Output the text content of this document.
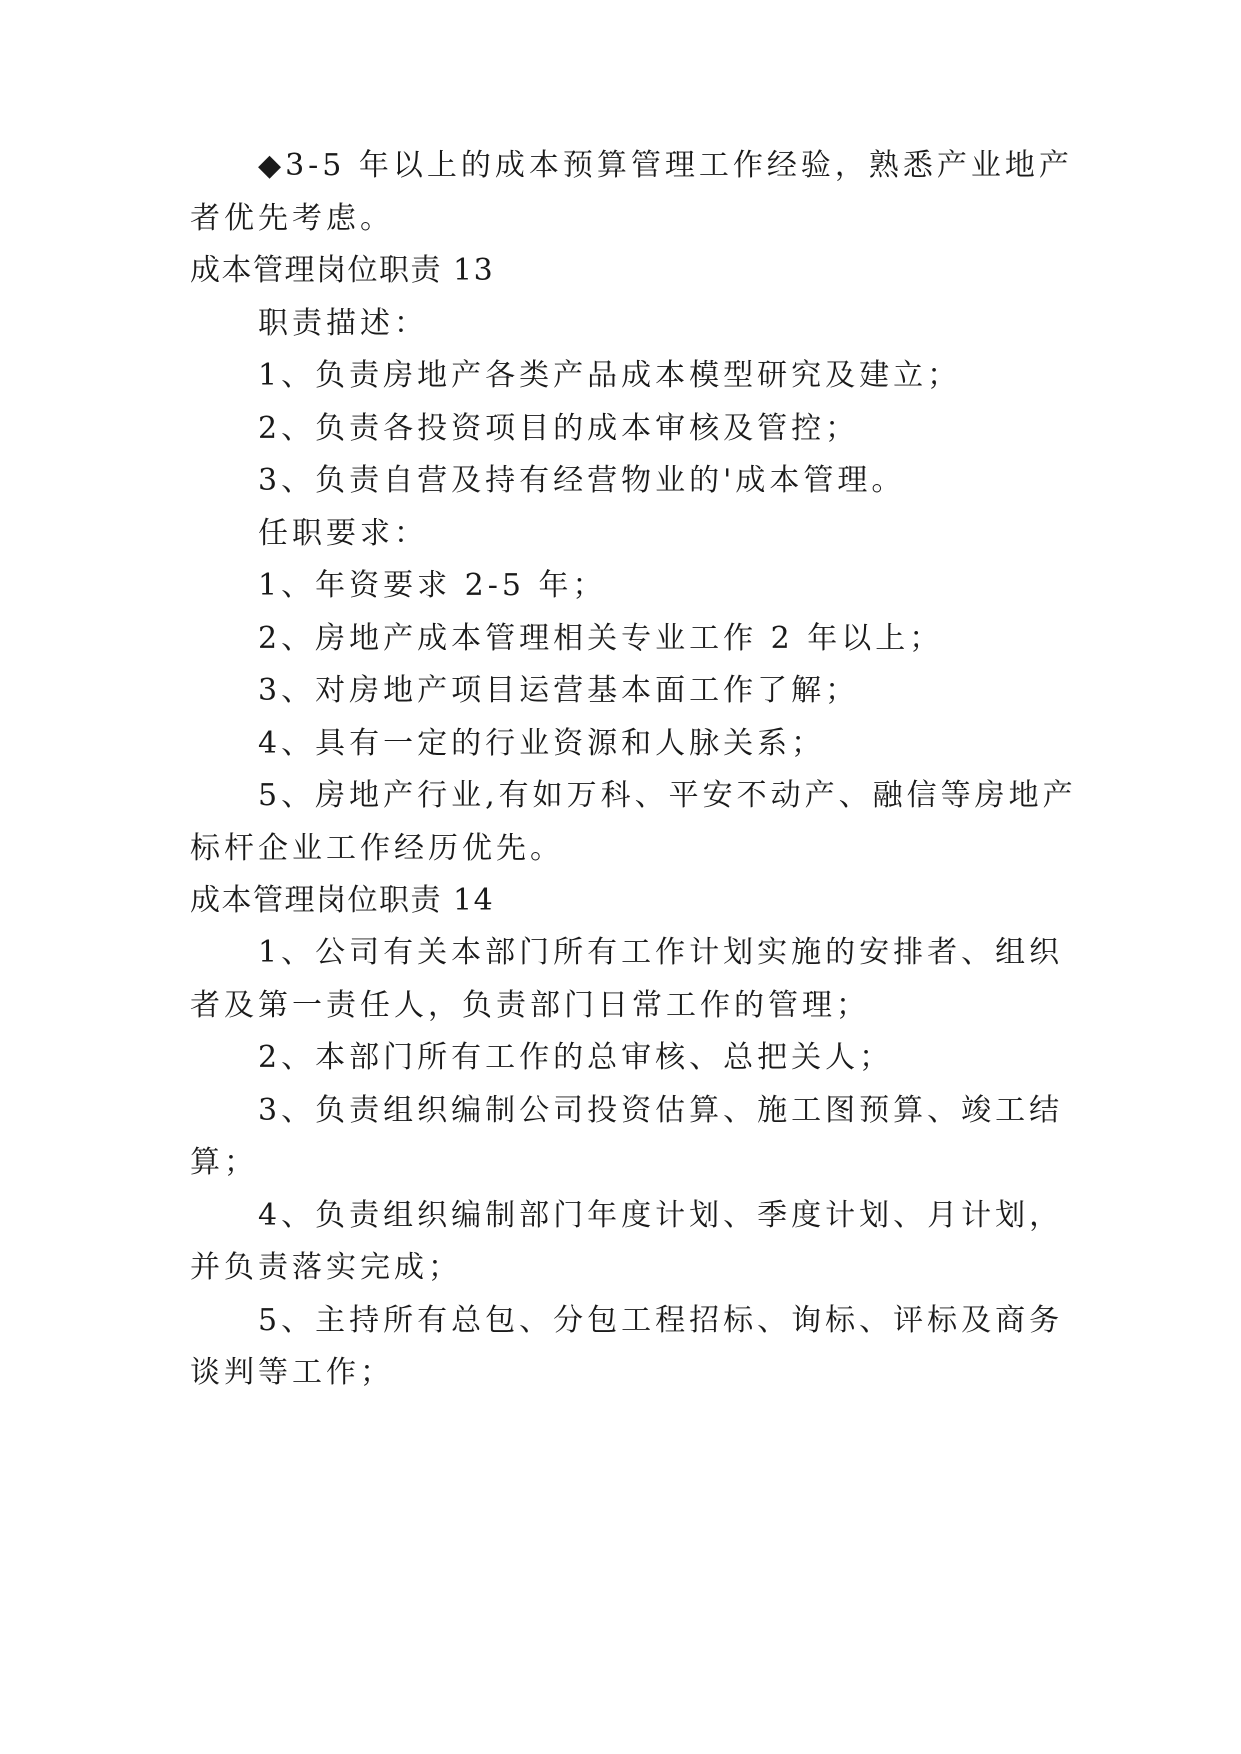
◆3-5 年以上的成本预算管理工作经验，熟悉产业地产
者优先考虑。
成本管理岗位职责 13
职责描述：
1、负责房地产各类产品成本模型研究及建立；
2、负责各投资项目的成本审核及管控；
3、负责自营及持有经营物业的'成本管理。
任职要求：
1、年资要求 2-5 年；
2、房地产成本管理相关专业工作 2 年以上；
3、对房地产项目运营基本面工作了解；
4、具有一定的行业资源和人脉关系；
5、房地产行业,有如万科、平安不动产、融信等房地产
标杆企业工作经历优先。
成本管理岗位职责 14
1、公司有关本部门所有工作计划实施的安排者、组织
者及第一责任人，负责部门日常工作的管理；
2、本部门所有工作的总审核、总把关人；
3、负责组织编制公司投资估算、施工图预算、竣工结
算；
4、负责组织编制部门年度计划、季度计划、月计划，
并负责落实完成；
5、主持所有总包、分包工程招标、询标、评标及商务
谈判等工作；
